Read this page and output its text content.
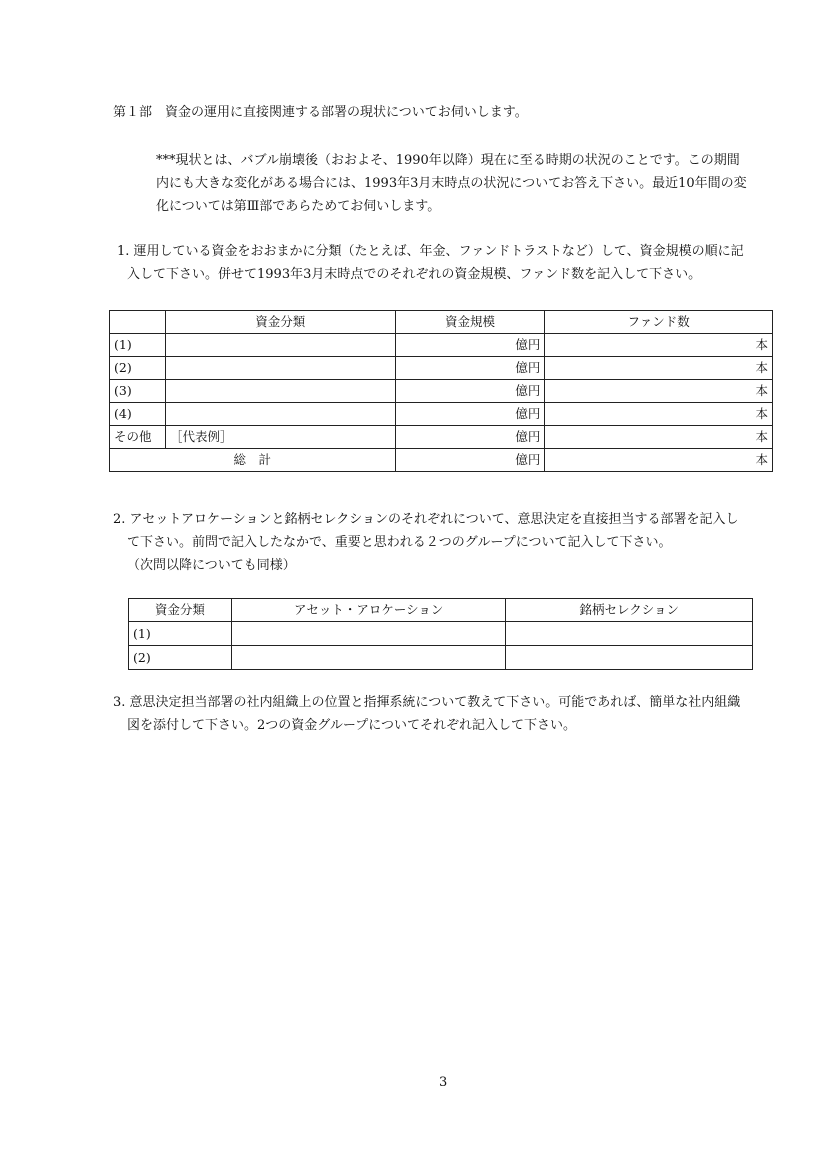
第１部　資金の運用に直接関連する部署の現状についてお伺いします。
***現状とは、バブル崩壊後（おおよそ、1990年以降）現在に至る時期の状況のことです。この期間
内にも大きな変化がある場合には、1993年3月末時点の状況についてお答え下さい。最近10年間の変
化については第Ⅲ部であらためてお伺いします。
1. 運用している資金をおおまかに分類（たとえば、年金、ファンドトラストなど）して、資金規模の順に記
入して下さい。併せて1993年3月末時点でのそれぞれの資金規模、ファンド数を記入して下さい。
	資金分類	資金規模	ファンド数
(1)		億円	本
(2)		億円	本
(3)		億円	本
(4)		億円	本
その他	［代表例］	億円	本
総　計		億円	本
2. アセットアロケーションと銘柄セレクションのそれぞれについて、意思決定を直接担当する部署を記入し
て下さい。前問で記入したなかで、重要と思われる２つのグループについて記入して下さい。
（次問以降についても同様）
資金分類	アセット・アロケーション	銘柄セレクション
(1)		
(2)		
3. 意思決定担当部署の社内組織上の位置と指揮系統について教えて下さい。可能であれば、簡単な社内組織
図を添付して下さい。2つの資金グループについてそれぞれ記入して下さい。
3
